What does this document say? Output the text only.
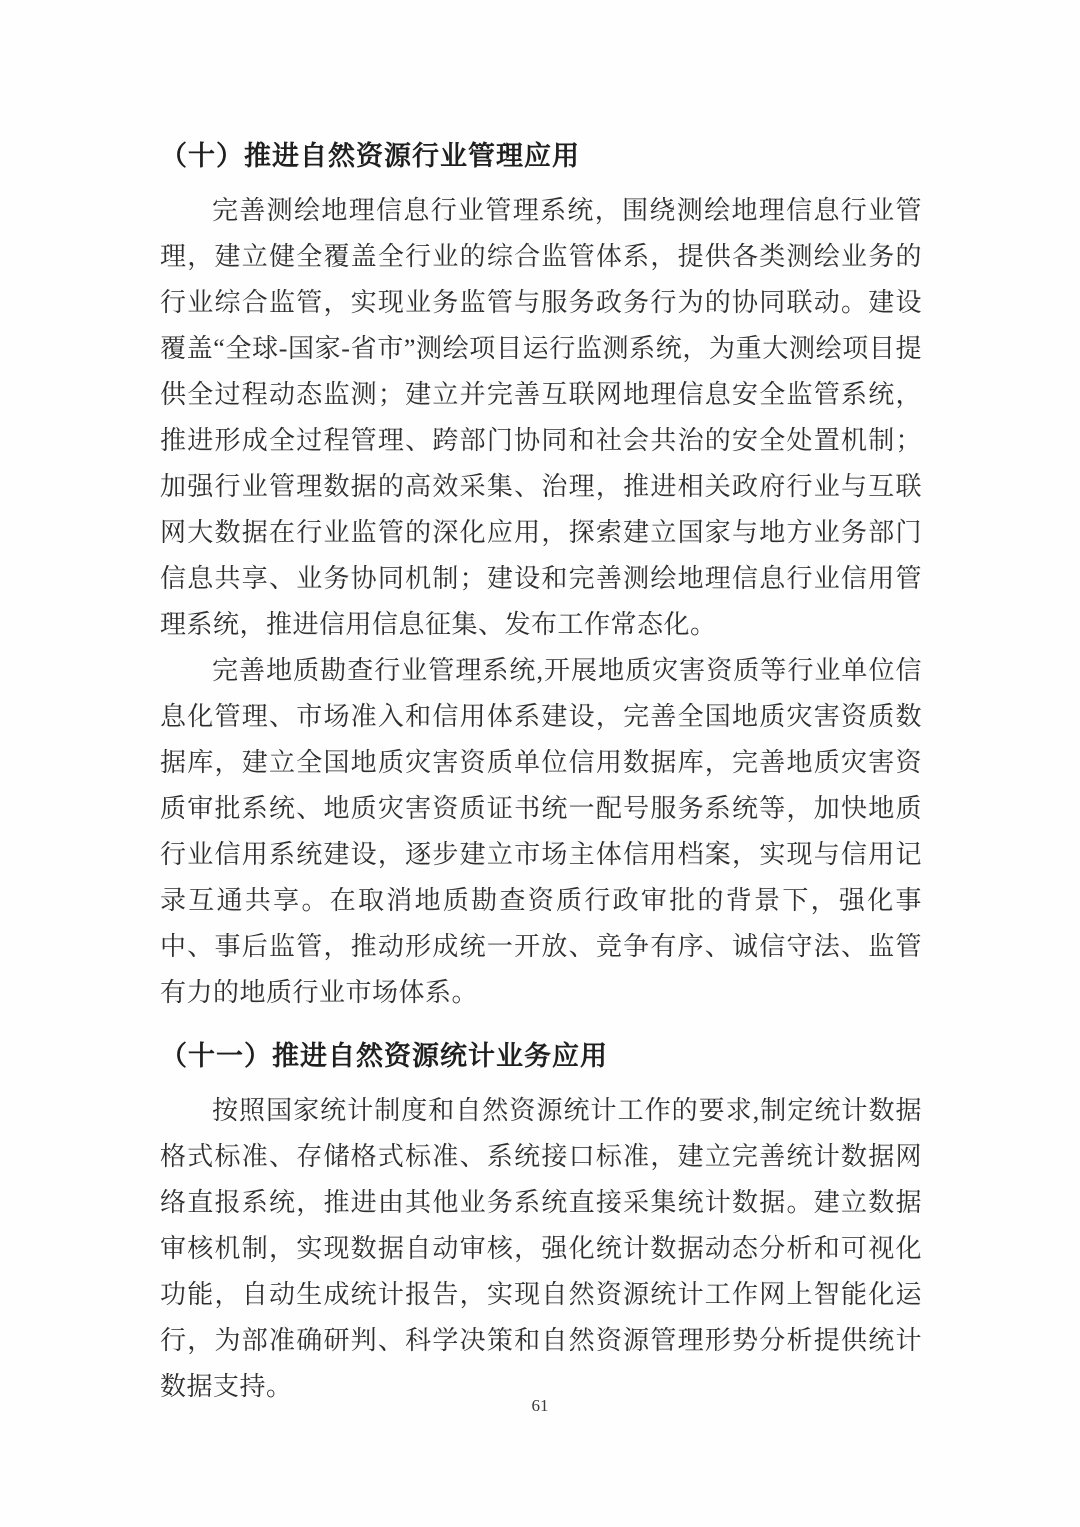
（十）推进自然资源行业管理应用

完善测绘地理信息行业管理系统，围绕测绘地理信息行业管理，建立健全覆盖全行业的综合监管体系，提供各类测绘业务的行业综合监管，实现业务监管与服务政务行为的协同联动。建设覆盖“全球-国家-省市”测绘项目运行监测系统，为重大测绘项目提供全过程动态监测；建立并完善互联网地理信息安全监管系统，推进形成全过程管理、跨部门协同和社会共治的安全处置机制；加强行业管理数据的高效采集、治理，推进相关政府行业与互联网大数据在行业监管的深化应用，探索建立国家与地方业务部门信息共享、业务协同机制；建设和完善测绘地理信息行业信用管理系统，推进信用信息征集、发布工作常态化。

完善地质勘查行业管理系统,开展地质灾害资质等行业单位信息化管理、市场准入和信用体系建设，完善全国地质灾害资质数据库，建立全国地质灾害资质单位信用数据库，完善地质灾害资质审批系统、地质灾害资质证书统一配号服务系统等，加快地质行业信用系统建设，逐步建立市场主体信用档案，实现与信用记录互通共享。在取消地质勘查资质行政审批的背景下，强化事中、事后监管，推动形成统一开放、竞争有序、诚信守法、监管有力的地质行业市场体系。

（十一）推进自然资源统计业务应用

按照国家统计制度和自然资源统计工作的要求,制定统计数据格式标准、存储格式标准、系统接口标准，建立完善统计数据网络直报系统，推进由其他业务系统直接采集统计数据。建立数据审核机制，实现数据自动审核，强化统计数据动态分析和可视化功能，自动生成统计报告，实现自然资源统计工作网上智能化运行，为部准确研判、科学决策和自然资源管理形势分析提供统计数据支持。

61
